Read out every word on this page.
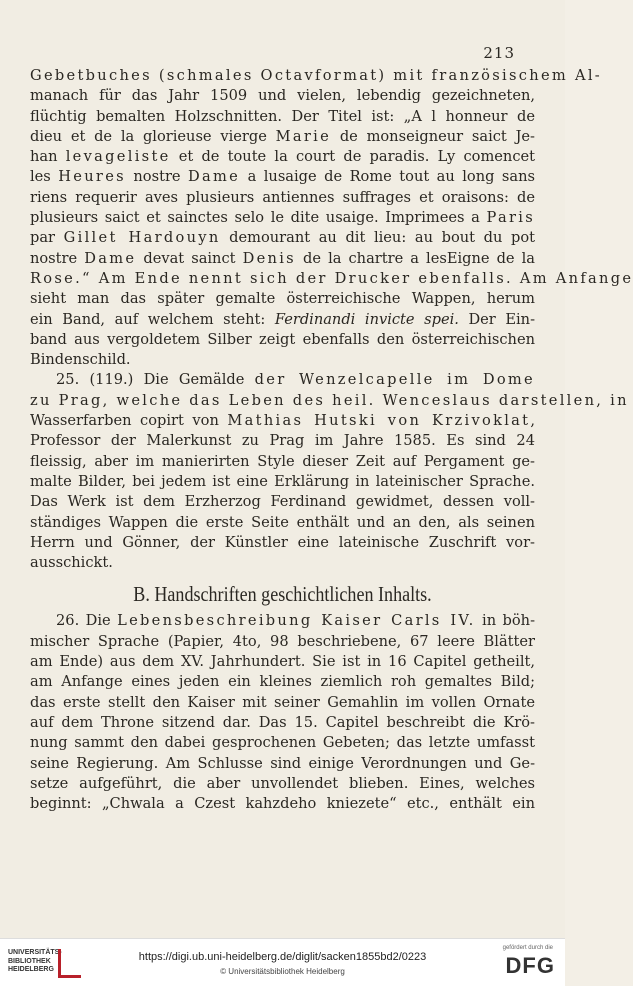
213
Gebetbuches (schmales Octavformat) mit französischem Al-
manach für das Jahr 1509 und vielen, lebendig gezeichneten,
flüchtig bemalten Holzschnitten. Der Titel ist: „A l honneur de
dieu et de la glorieuse vierge Marie de monseigneur saict Je-
han levageliste et de toute la court de paradis. Ly comencet
les Heures nostre Dame a lusaige de Rome tout au long sans
riens requerir aves plusieurs antiennes suffrages et oraisons: de
plusieurs saict et sainctes selo le dite usaige. Imprimees a Paris
par Gillet Hardouyn demourant au dit lieu: au bout du pot
nostre Dame devat sainct Denis de la chartre a lesEigne de la
Rose.“ Am Ende nennt sich der Drucker ebenfalls. Am Anfange
sieht man das später gemalte österreichische Wappen, herum
ein Band, auf welchem steht: Ferdinandi invicte spei. Der Ein-
band aus vergoldetem Silber zeigt ebenfalls den österreichischen
Bindenschild.
25. (119.) Die Gemälde der Wenzelcapelle im Dome
zu Prag, welche das Leben des heil. Wenceslaus darstellen, in
Wasserfarben copirt von Mathias Hutski von Krzivoklat,
Professor der Malerkunst zu Prag im Jahre 1585. Es sind 24
fleissig, aber im manierirten Style dieser Zeit auf Pergament ge-
malte Bilder, bei jedem ist eine Erklärung in lateinischer Sprache.
Das Werk ist dem Erzherzog Ferdinand gewidmet, dessen voll-
ständiges Wappen die erste Seite enthält und an den, als seinen
Herrn und Gönner, der Künstler eine lateinische Zuschrift vor-
ausschickt.
B. Handschriften geschichtlichen Inhalts.
26. Die Lebensbeschreibung Kaiser Carls IV. in böh-
mischer Sprache (Papier, 4to, 98 beschriebene, 67 leere Blätter
am Ende) aus dem XV. Jahrhundert. Sie ist in 16 Capitel getheilt,
am Anfange eines jeden ein kleines ziemlich roh gemaltes Bild;
das erste stellt den Kaiser mit seiner Gemahlin im vollen Ornate
auf dem Throne sitzend dar. Das 15. Capitel beschreibt die Krö-
nung sammt den dabei gesprochenen Gebeten; das letzte umfasst
seine Regierung. Am Schlusse sind einige Verordnungen und Ge-
setze aufgeführt, die aber unvollendet blieben. Eines, welches
beginnt: „Chwala a Czest kahzdeho kniezete“ etc., enthält ein
UNIVERSITÄTS-
BIBLIOTHEK
HEIDELBERG
https://digi.ub.uni-heidelberg.de/diglit/sacken1855bd2/0223
© Universitätsbibliothek Heidelberg
gefördert durch die
DFG
